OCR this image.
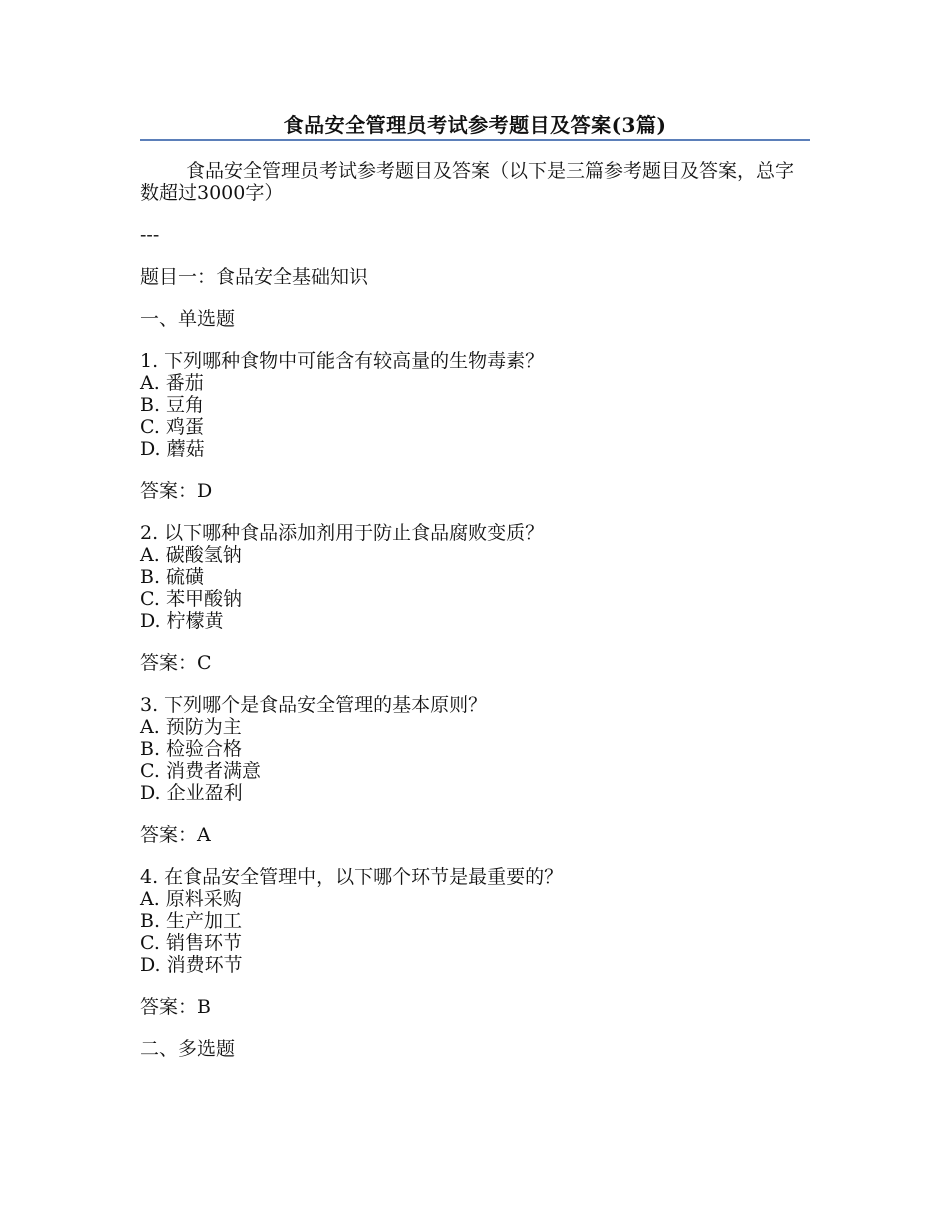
食品安全管理员考试参考题目及答案(3篇)

食品安全管理员考试参考题目及答案（以下是三篇参考题目及答案，总字数超过3000字）

---

题目一：食品安全基础知识

一、单选题

1. 下列哪种食物中可能含有较高量的生物毒素？
A. 番茄
B. 豆角
C. 鸡蛋
D. 蘑菇

答案：D

2. 以下哪种食品添加剂用于防止食品腐败变质？
A. 碳酸氢钠
B. 硫磺
C. 苯甲酸钠
D. 柠檬黄

答案：C

3. 下列哪个是食品安全管理的基本原则？
A. 预防为主
B. 检验合格
C. 消费者满意
D. 企业盈利

答案：A

4. 在食品安全管理中，以下哪个环节是最重要的？
A. 原料采购
B. 生产加工
C. 销售环节
D. 消费环节

答案：B

二、多选题
